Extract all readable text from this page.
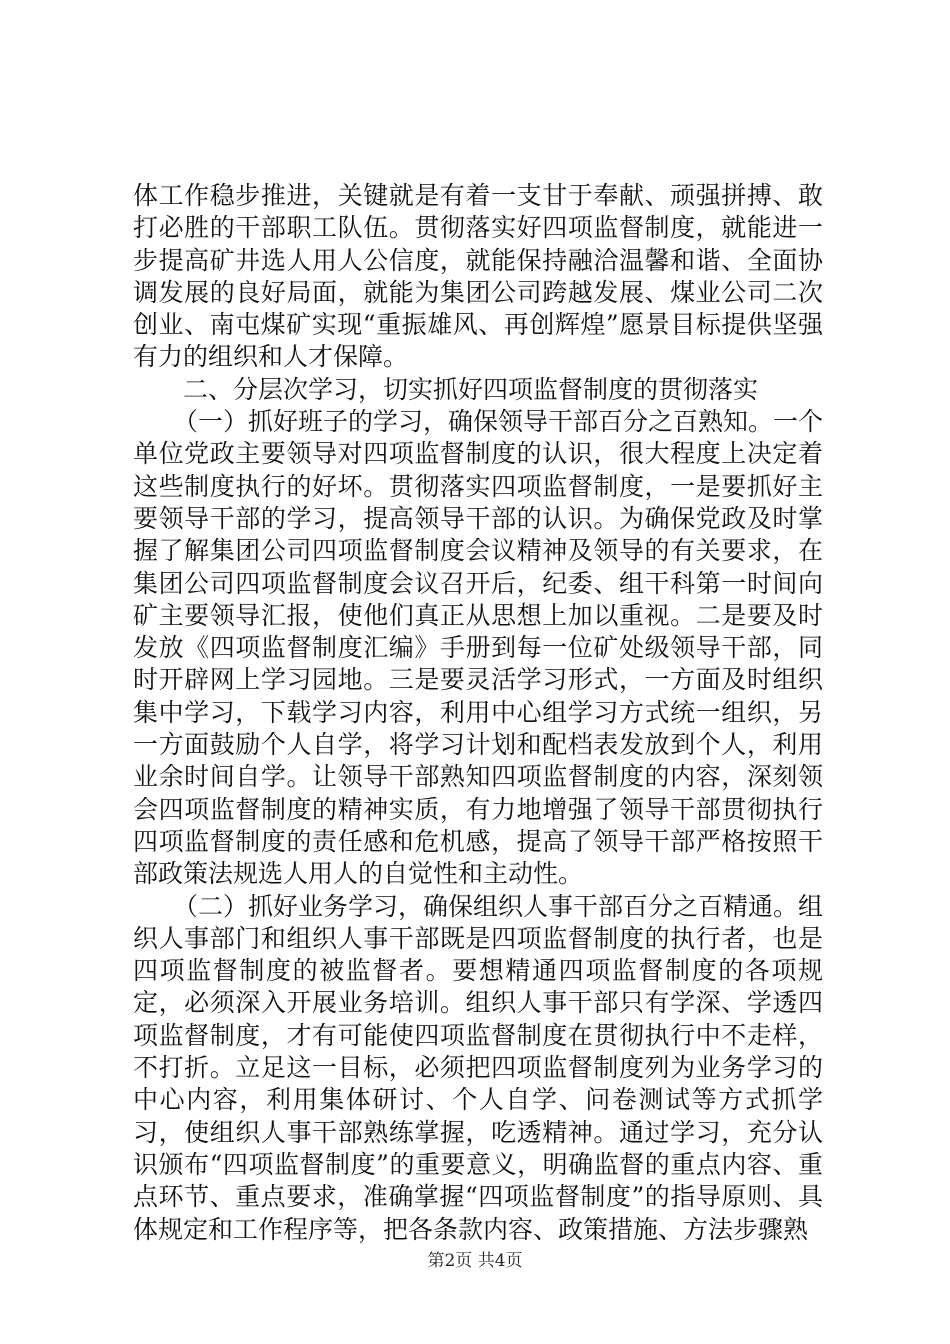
体工作稳步推进，关键就是有着一支甘于奉献、顽强拼搏、敢打必胜的干部职工队伍。贯彻落实好四项监督制度，就能进一步提高矿井选人用人公信度，就能保持融洽温馨和谐、全面协调发展的良好局面，就能为集团公司跨越发展、煤业公司二次创业、南屯煤矿实现“重振雄风、再创辉煌”愿景目标提供坚强有力的组织和人才保障。

二、分层次学习，切实抓好四项监督制度的贯彻落实

（一）抓好班子的学习，确保领导干部百分之百熟知。一个单位党政主要领导对四项监督制度的认识，很大程度上决定着这些制度执行的好坏。贯彻落实四项监督制度，一是要抓好主要领导干部的学习，提高领导干部的认识。为确保党政及时掌握了解集团公司四项监督制度会议精神及领导的有关要求，在集团公司四项监督制度会议召开后，纪委、组干科第一时间向矿主要领导汇报，使他们真正从思想上加以重视。二是要及时发放《四项监督制度汇编》手册到每一位矿处级领导干部，同时开辟网上学习园地。三是要灵活学习形式，一方面及时组织集中学习，下载学习内容，利用中心组学习方式统一组织，另一方面鼓励个人自学，将学习计划和配档表发放到个人，利用业余时间自学。让领导干部熟知四项监督制度的内容，深刻领会四项监督制度的精神实质，有力地增强了领导干部贯彻执行四项监督制度的责任感和危机感，提高了领导干部严格按照干部政策法规选人用人的自觉性和主动性。

（二）抓好业务学习，确保组织人事干部百分之百精通。组织人事部门和组织人事干部既是四项监督制度的执行者，也是四项监督制度的被监督者。要想精通四项监督制度的各项规定，必须深入开展业务培训。组织人事干部只有学深、学透四项监督制度，才有可能使四项监督制度在贯彻执行中不走样，不打折。立足这一目标，必须把四项监督制度列为业务学习的中心内容，利用集体研讨、个人自学、问卷测试等方式抓学习，使组织人事干部熟练掌握，吃透精神。通过学习，充分认识颁布“四项监督制度”的重要意义，明确监督的重点内容、重点环节、重点要求，准确掌握“四项监督制度”的指导原则、具体规定和工作程序等，把各条款内容、政策措施、方法步骤熟

第2页 共4页
